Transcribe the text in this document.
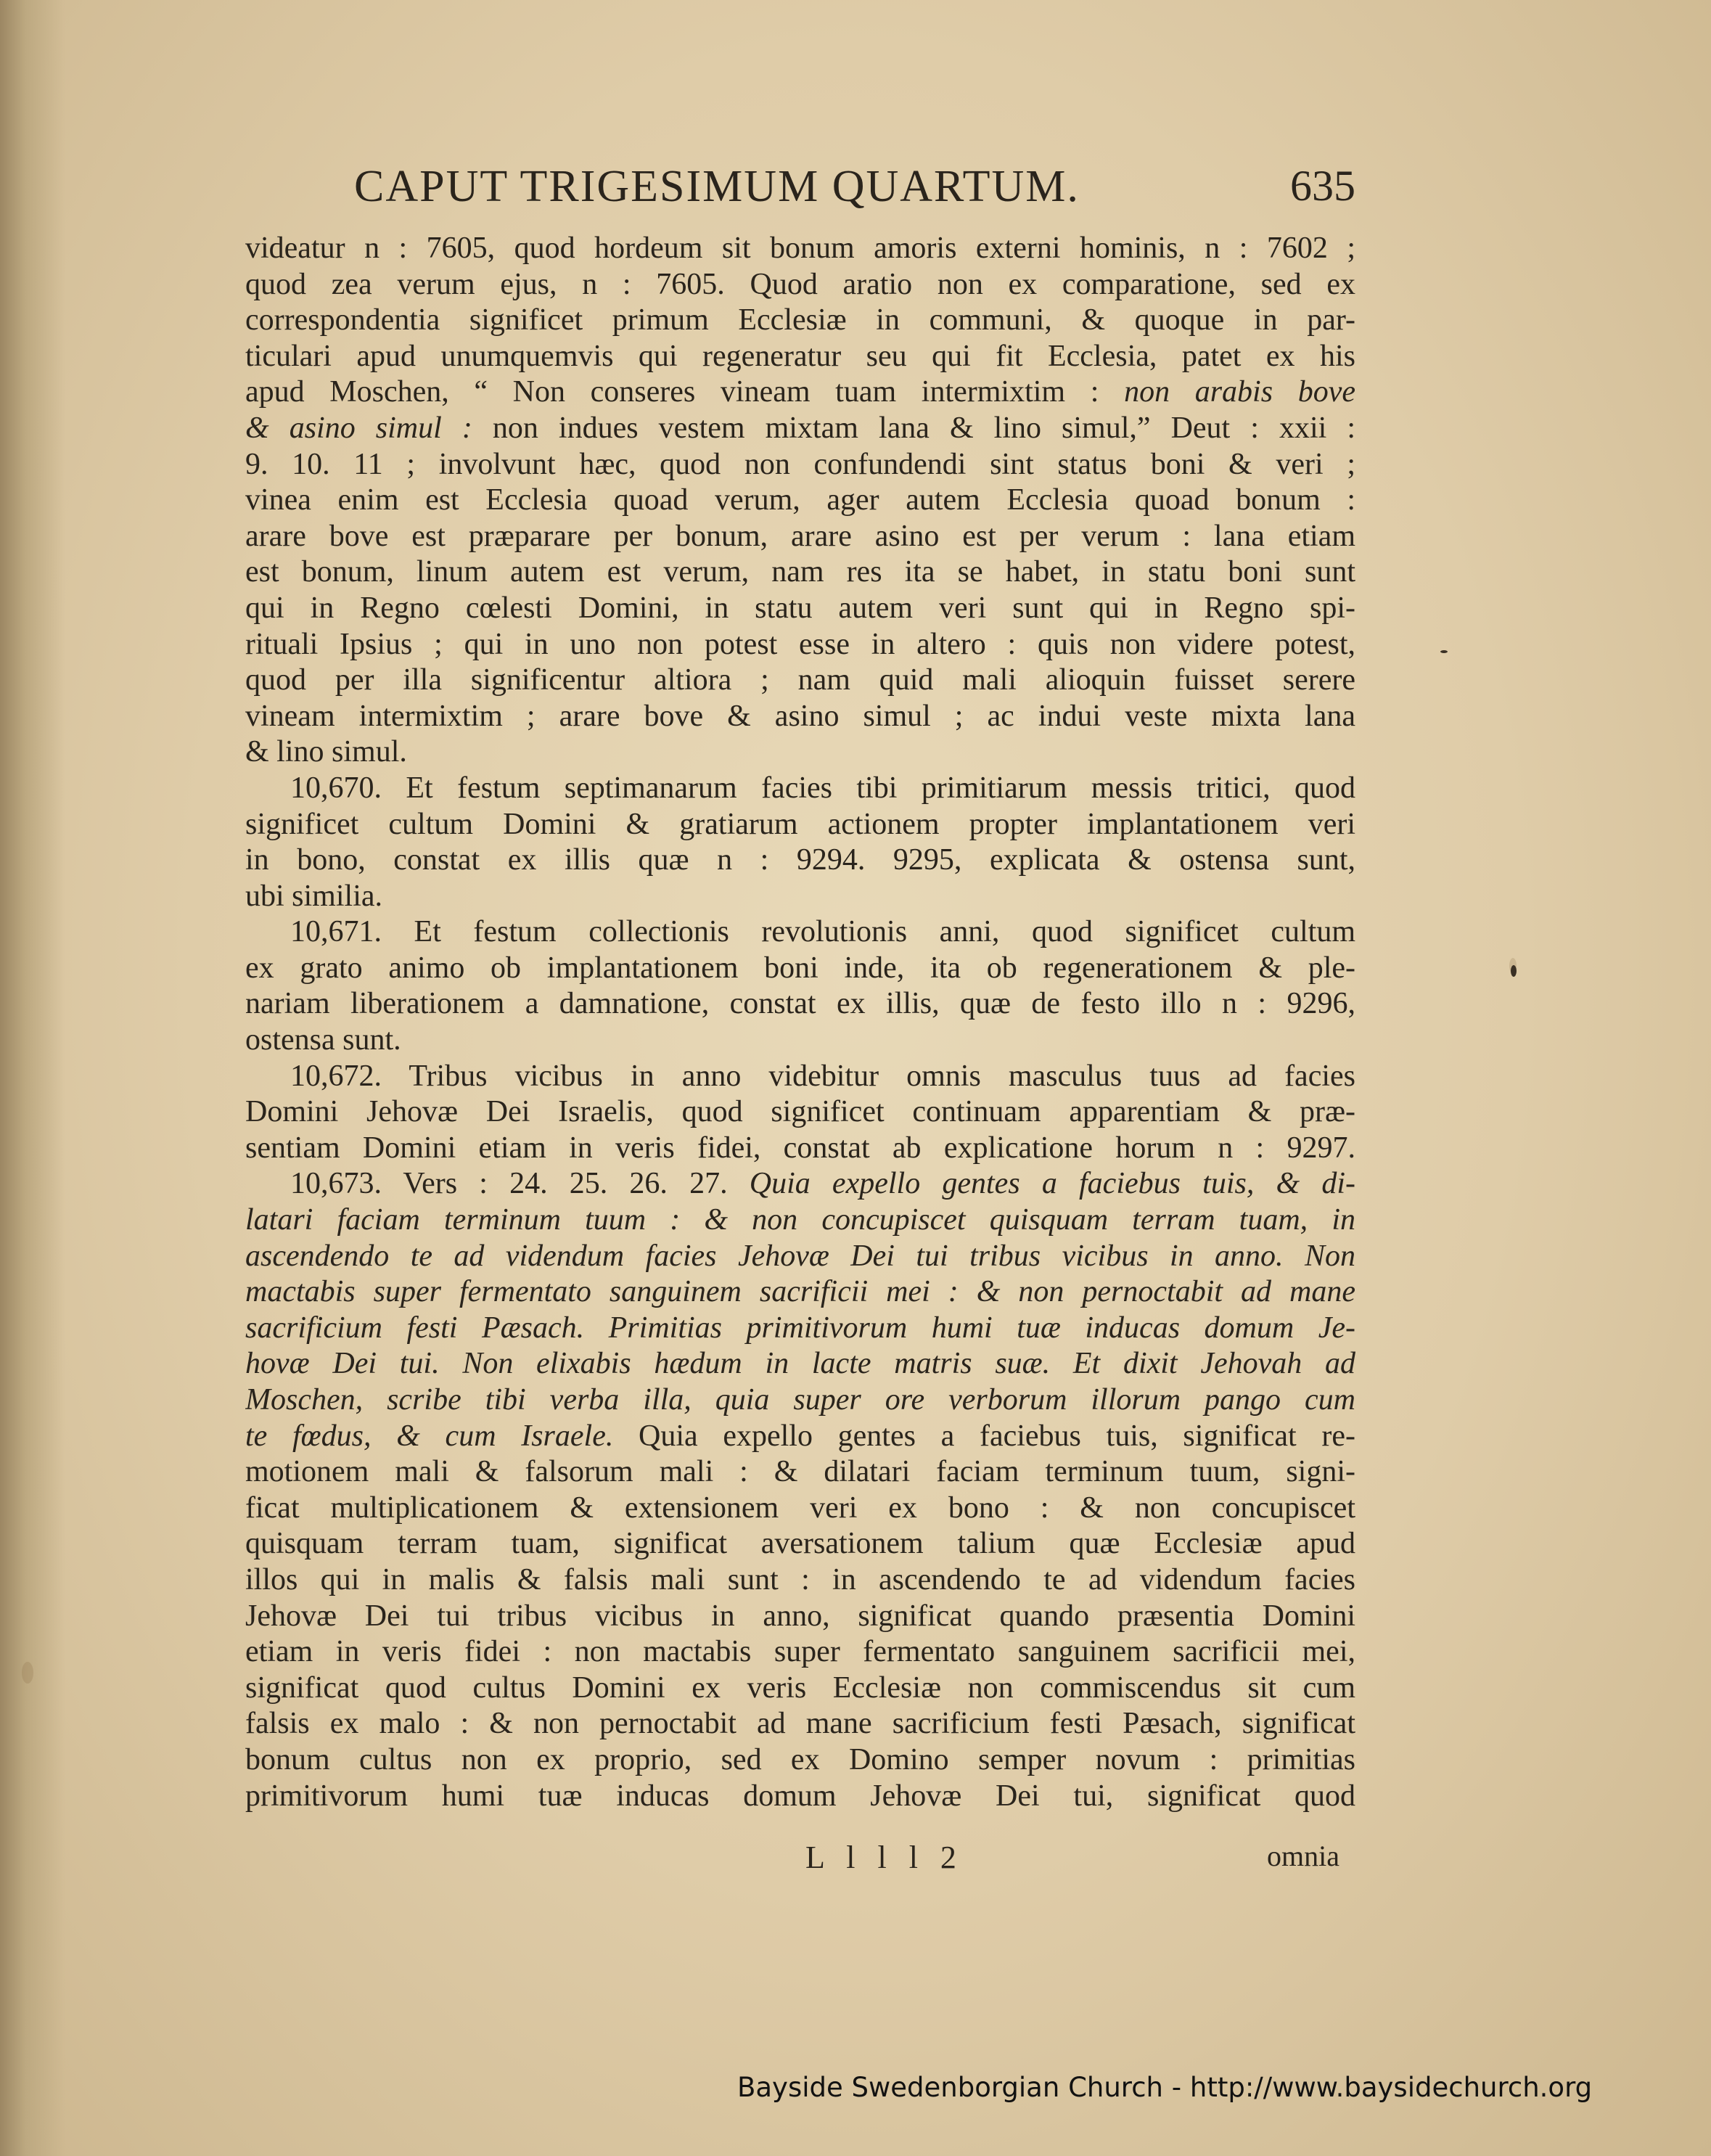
CAPUT TRIGESIMUM QUARTUM.	635
videatur n : 7605, quod hordeum sit bonum amoris externi hominis, n : 7602 ;
quod zea verum ejus, n : 7605. Quod aratio non ex comparatione, sed ex
correspondentia significet primum Ecclesiæ in communi, & quoque in par-
ticulari apud unumquemvis qui regeneratur seu qui fit Ecclesia, patet ex his
apud Moschen, “ Non conseres vineam tuam intermixtim : non arabis bove
& asino simul : non indues vestem mixtam lana & lino simul,” Deut : xxii :
9. 10. 11 ; involvunt hæc, quod non confundendi sint status boni & veri ;
vinea enim est Ecclesia quoad verum, ager autem Ecclesia quoad bonum :
arare bove est præparare per bonum, arare asino est per verum : lana etiam
est bonum, linum autem est verum, nam res ita se habet, in statu boni sunt
qui in Regno cœlesti Domini, in statu autem veri sunt qui in Regno spi-
rituali Ipsius ; qui in uno non potest esse in altero : quis non videre potest,
quod per illa significentur altiora ; nam quid mali alioquin fuisset serere
vineam intermixtim ; arare bove & asino simul ; ac indui veste mixta lana
& lino simul.
10,670. Et festum septimanarum facies tibi primitiarum messis tritici, quod
significet cultum Domini & gratiarum actionem propter implantationem veri
in bono, constat ex illis quæ n : 9294. 9295, explicata & ostensa sunt,
ubi similia.
10,671. Et festum collectionis revolutionis anni, quod significet cultum
ex grato animo ob implantationem boni inde, ita ob regenerationem & ple-
nariam liberationem a damnatione, constat ex illis, quæ de festo illo n : 9296,
ostensa sunt.
10,672. Tribus vicibus in anno videbitur omnis masculus tuus ad facies
Domini Jehovæ Dei Israelis, quod significet continuam apparentiam & præ-
sentiam Domini etiam in veris fidei, constat ab explicatione horum n : 9297.
10,673. Vers : 24. 25. 26. 27. Quia expello gentes a faciebus tuis, & di-
latari faciam terminum tuum : & non concupiscet quisquam terram tuam, in
ascendendo te ad videndum facies Jehovæ Dei tui tribus vicibus in anno. Non
mactabis super fermentato sanguinem sacrificii mei : & non pernoctabit ad mane
sacrificium festi Pæsach. Primitias primitivorum humi tuæ inducas domum Je-
hovæ Dei tui. Non elixabis hædum in lacte matris suæ. Et dixit Jehovah ad
Moschen, scribe tibi verba illa, quia super ore verborum illorum pango cum
te fœdus, & cum Israele. Quia expello gentes a faciebus tuis, significat re-
motionem mali & falsorum mali : & dilatari faciam terminum tuum, signi-
ficat multiplicationem & extensionem veri ex bono : & non concupiscet
quisquam terram tuam, significat aversationem talium quæ Ecclesiæ apud
illos qui in malis & falsis mali sunt : in ascendendo te ad videndum facies
Jehovæ Dei tui tribus vicibus in anno, significat quando præsentia Domini
etiam in veris fidei : non mactabis super fermentato sanguinem sacrificii mei,
significat quod cultus Domini ex veris Ecclesiæ non commiscendus sit cum
falsis ex malo : & non pernoctabit ad mane sacrificium festi Pæsach, significat
bonum cultus non ex proprio, sed ex Domino semper novum : primitias
primitivorum humi tuæ inducas domum Jehovæ Dei tui, significat quod
L l l l 2	omnia
Bayside Swedenborgian Church - http://www.baysidechurch.org
